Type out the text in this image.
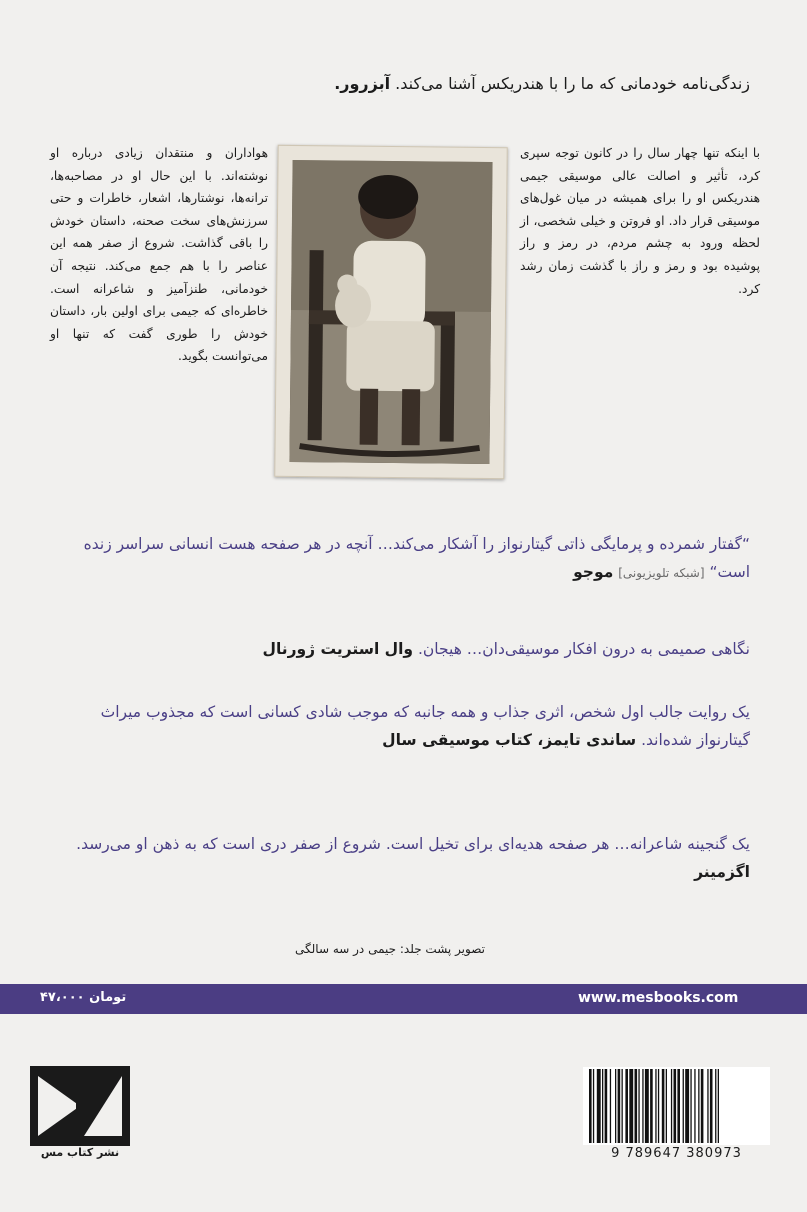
زندگی‌نامه خودمانی که ما را با هندریکس آشنا می‌کند. آبزرور.
با اینکه تنها چهار سال را در کانون توجه سپری کرد، تأثیر و اصالت عالی موسیقی جیمی هندریکس او را برای همیشه در میان غول‌های موسیقی قرار داد. او فروتن و خیلی شخصی، از لحظه ورود به چشم مردم، در رمز و راز پوشیده بود و رمز و راز با گذشت زمان رشد کرد.
هواداران و منتقدان زیادی درباره او نوشته‌اند. با این حال او در مصاحبه‌ها، ترانه‌ها، نوشتارها، اشعار، خاطرات و حتی سرزنش‌های سخت صحنه، داستان خودش را باقی گذاشت. شروع از صفر همه این عناصر را با هم جمع می‌کند. نتیجه آن خودمانی، طنزآمیز و شاعرانه است. خاطره‌ای که جیمی برای اولین بار، داستان خودش را طوری گفت که تنها او می‌توانست بگوید.
“گفتار شمرده و پرمایگی ذاتی گیتارنواز را آشکار می‌کند… آنچه در هر صفحه هست انسانی سراسر زنده است“ [شبکه تلویزیونی] موجو
نگاهی صمیمی به درون افکار موسیقی‌دان… هیجان. وال استریت ژورنال
یک روایت جالب اول شخص، اثری جذاب و همه جانبه که موجب شادی کسانی است که مجذوب میراث گیتارنواز شده‌اند. ساندی تایمز، کتاب موسیقی سال
یک گنجینه شاعرانه… هر صفحه هدیه‌ای برای تخیل است. شروع از صفر دری است که به ذهن او می‌رسد. اگزمینر
تصویر پشت جلد: جیمی در سه سالگی
۴۷،۰۰۰ تومان	www.mesbooks.com
نشر کتاب مس	9 789647 380973
